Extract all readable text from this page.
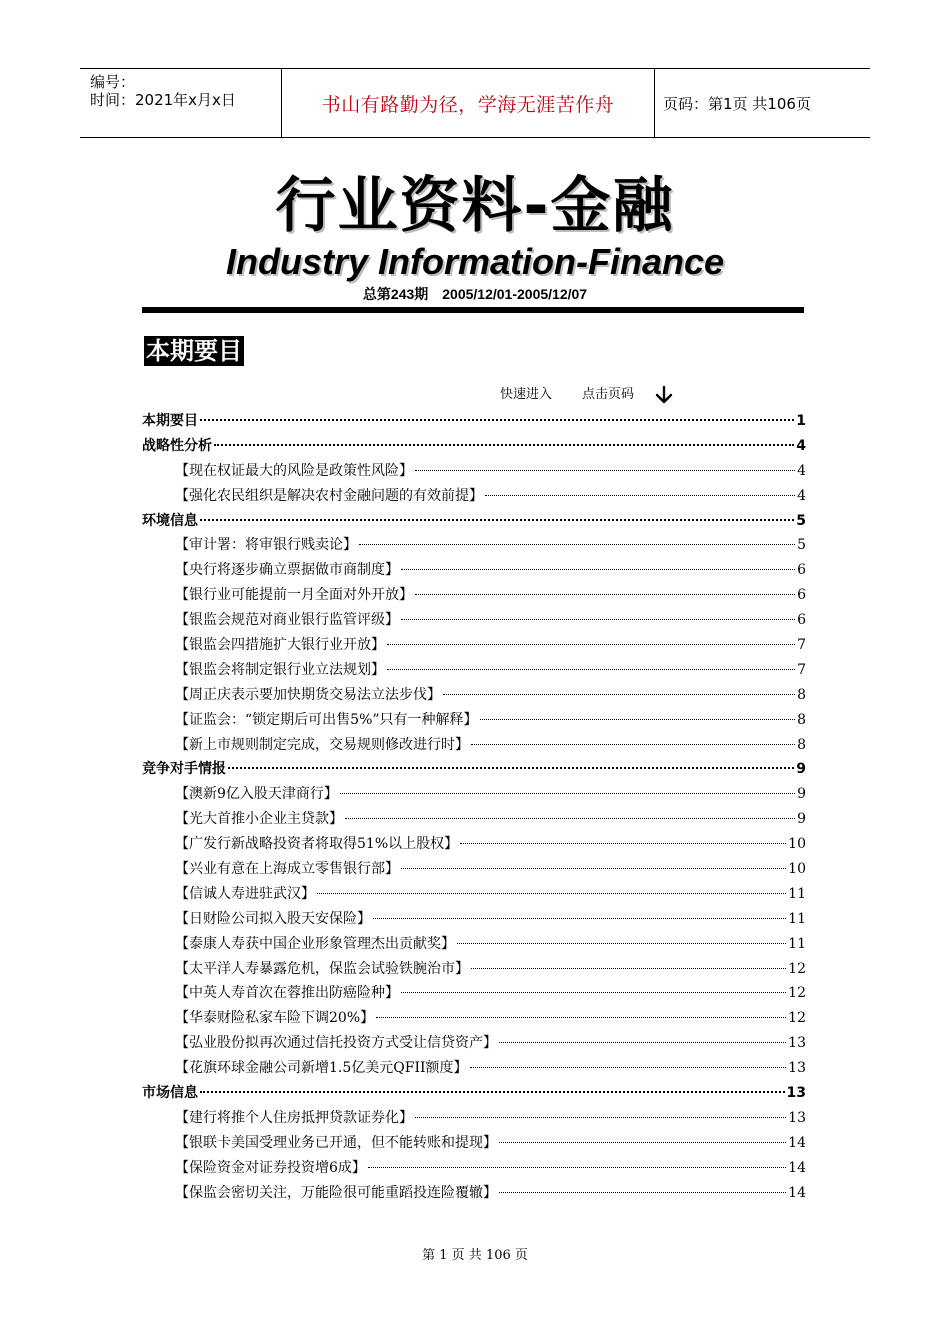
编号：
时间：2021年x月x日	书山有路勤为径，学海无涯苦作舟	页码：第1页 共106页
行业资料-金融
Industry Information-Finance
总第243期 2005/12/01-2005/12/07
本期要目
快速进入 点击页码
本期要目	1
战略性分析	4
【现在权证最大的风险是政策性风险】	4
【强化农民组织是解决农村金融问题的有效前提】	4
环境信息	5
【审计署：将审银行贱卖论】	5
【央行将逐步确立票据做市商制度】	6
【银行业可能提前一月全面对外开放】	6
【银监会规范对商业银行监管评级】	6
【银监会四措施扩大银行业开放】	7
【银监会将制定银行业立法规划】	7
【周正庆表示要加快期货交易法立法步伐】	8
【证监会：“锁定期后可出售5%”只有一种解释】	8
【新上市规则制定完成，交易规则修改进行时】	8
竞争对手情报	9
【澳新9亿入股天津商行】	9
【光大首推小企业主贷款】	9
【广发行新战略投资者将取得51%以上股权】	10
【兴业有意在上海成立零售银行部】	10
【信诚人寿进驻武汉】	11
【日财险公司拟入股天安保险】	11
【泰康人寿获中国企业形象管理杰出贡献奖】	11
【太平洋人寿暴露危机，保监会试验铁腕治市】	12
【中英人寿首次在蓉推出防癌险种】	12
【华泰财险私家车险下调20%】	12
【弘业股份拟再次通过信托投资方式受让信贷资产】	13
【花旗环球金融公司新增1.5亿美元QFII额度】	13
市场信息	13
【建行将推个人住房抵押贷款证券化】	13
【银联卡美国受理业务已开通，但不能转账和提现】	14
【保险资金对证券投资增6成】	14
【保监会密切关注，万能险很可能重蹈投连险覆辙】	14
第 1 页 共 106 页
